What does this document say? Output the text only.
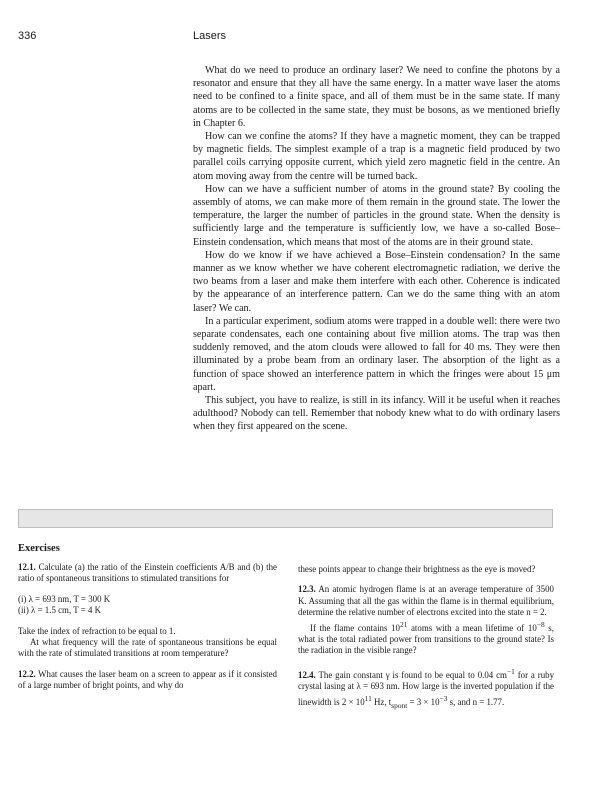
336	Lasers

What do we need to produce an ordinary laser? We need to confine the photons by a resonator and ensure that they all have the same energy. In a matter wave laser the atoms need to be confined to a finite space, and all of them must be in the same state. If many atoms are to be collected in the same state, they must be bosons, as we mentioned briefly in Chapter 6.

How can we confine the atoms? If they have a magnetic moment, they can be trapped by magnetic fields. The simplest example of a trap is a magnetic field produced by two parallel coils carrying opposite current, which yield zero magnetic field in the centre. An atom moving away from the centre will be turned back.

How can we have a sufficient number of atoms in the ground state? By cooling the assembly of atoms, we can make more of them remain in the ground state. The lower the temperature, the larger the number of particles in the ground state. When the density is sufficiently large and the temperature is sufficiently low, we have a so-called Bose–Einstein condensation, which means that most of the atoms are in their ground state.

How do we know if we have achieved a Bose–Einstein condensation? In the same manner as we know whether we have coherent electromagnetic radiation, we derive the two beams from a laser and make them interfere with each other. Coherence is indicated by the appearance of an interference pattern. Can we do the same thing with an atom laser? We can.

In a particular experiment, sodium atoms were trapped in a double well: there were two separate condensates, each one containing about five million atoms. The trap was then suddenly removed, and the atom clouds were allowed to fall for 40 ms. They were then illuminated by a probe beam from an ordinary laser. The absorption of the light as a function of space showed an interference pattern in which the fringes were about 15 μm apart.

This subject, you have to realize, is still in its infancy. Will it be useful when it reaches adulthood? Nobody can tell. Remember that nobody knew what to do with ordinary lasers when they first appeared on the scene.

Exercises

12.1. Calculate (a) the ratio of the Einstein coefficients A/B and (b) the ratio of spontaneous transitions to stimulated transitions for

(i) λ = 693 nm, T = 300 K
(ii) λ = 1.5 cm, T = 4 K

Take the index of refraction to be equal to 1.

At what frequency will the rate of spontaneous transitions be equal with the rate of stimulated transitions at room temperature?

12.2. What causes the laser beam on a screen to appear as if it consisted of a large number of bright points, and why do

these points appear to change their brightness as the eye is moved?

12.3. An atomic hydrogen flame is at an average temperature of 3500 K. Assuming that all the gas within the flame is in thermal equilibrium, determine the relative number of electrons excited into the state n = 2.

If the flame contains $10^{21}$ atoms with a mean lifetime of $10^{-8}$ s, what is the total radiated power from transitions to the ground state? Is the radiation in the visible range?

12.4. The gain constant γ is found to be equal to 0.04 $cm^{-1}$ for a ruby crystal lasing at λ = 693 nm. How large is the inverted population if the linewidth is $2 \times 10^{11}$ Hz, $t_{spont} = 3 \times 10^{-3}$ s, and n = 1.77.
